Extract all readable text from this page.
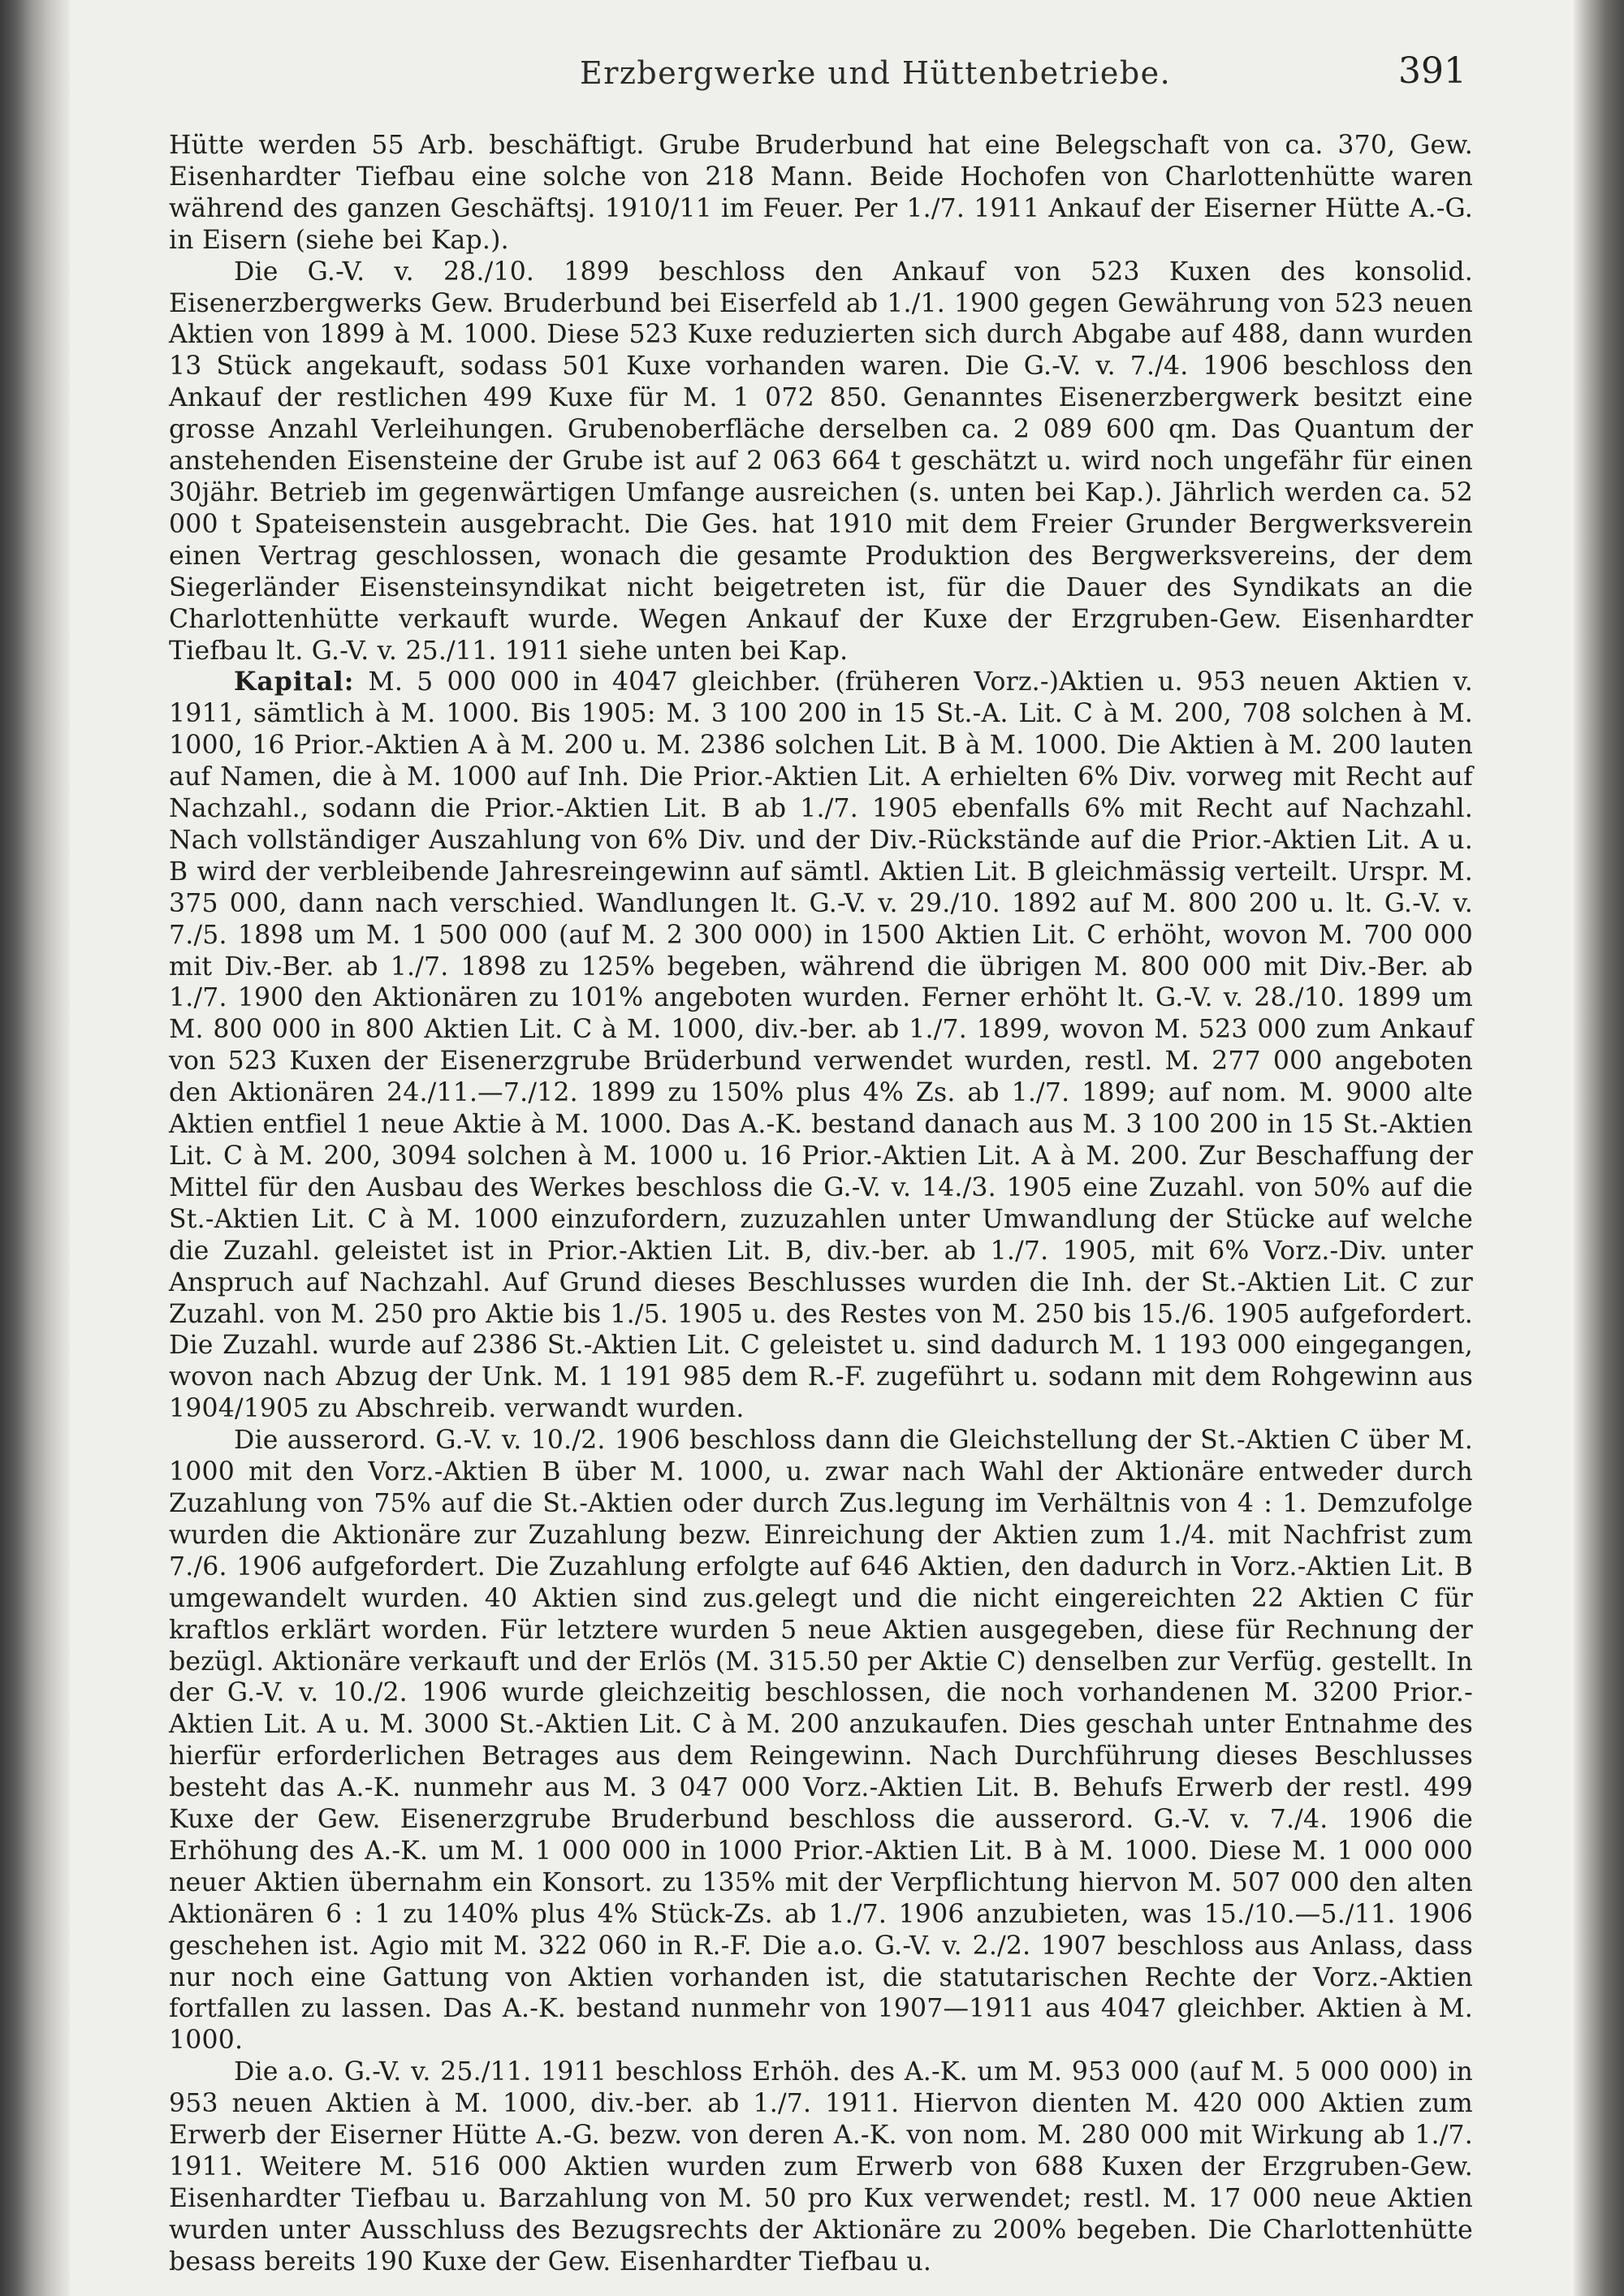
Erzbergwerke und Hüttenbetriebe.	391

Hütte werden 55 Arb. beschäftigt. Grube Bruderbund hat eine Belegschaft von ca. 370, Gew. Eisenhardter Tiefbau eine solche von 218 Mann. Beide Hochofen von Charlottenhütte waren während des ganzen Geschäftsj. 1910/11 im Feuer. Per 1./7. 1911 Ankauf der Eiserner Hütte A.-G. in Eisern (siehe bei Kap.).

Die G.-V. v. 28./10. 1899 beschloss den Ankauf von 523 Kuxen des konsolid. Eisenerzbergwerks Gew. Bruderbund bei Eiserfeld ab 1./1. 1900 gegen Gewährung von 523 neuen Aktien von 1899 à M. 1000. Diese 523 Kuxe reduzierten sich durch Abgabe auf 488, dann wurden 13 Stück angekauft, sodass 501 Kuxe vorhanden waren. Die G.-V. v. 7./4. 1906 beschloss den Ankauf der restlichen 499 Kuxe für M. 1 072 850. Genanntes Eisenerzbergwerk besitzt eine grosse Anzahl Verleihungen. Grubenoberfläche derselben ca. 2 089 600 qm. Das Quantum der anstehenden Eisensteine der Grube ist auf 2 063 664 t geschätzt u. wird noch ungefähr für einen 30jähr. Betrieb im gegenwärtigen Umfange ausreichen (s. unten bei Kap.). Jährlich werden ca. 52 000 t Spateisenstein ausgebracht. Die Ges. hat 1910 mit dem Freier Grunder Bergwerksverein einen Vertrag geschlossen, wonach die gesamte Produktion des Bergwerksvereins, der dem Siegerländer Eisensteinsyndikat nicht beigetreten ist, für die Dauer des Syndikats an die Charlottenhütte verkauft wurde. Wegen Ankauf der Kuxe der Erzgruben-Gew. Eisenhardter Tiefbau lt. G.-V. v. 25./11. 1911 siehe unten bei Kap.

Kapital: M. 5 000 000 in 4047 gleichber. (früheren Vorz.-)Aktien u. 953 neuen Aktien v. 1911, sämtlich à M. 1000. Bis 1905: M. 3 100 200 in 15 St.-A. Lit. C à M. 200, 708 solchen à M. 1000, 16 Prior.-Aktien A à M. 200 u. M. 2386 solchen Lit. B à M. 1000. Die Aktien à M. 200 lauten auf Namen, die à M. 1000 auf Inh. Die Prior.-Aktien Lit. A erhielten 6% Div. vorweg mit Recht auf Nachzahl., sodann die Prior.-Aktien Lit. B ab 1./7. 1905 ebenfalls 6% mit Recht auf Nachzahl. Nach vollständiger Auszahlung von 6% Div. und der Div.-Rückstände auf die Prior.-Aktien Lit. A u. B wird der verbleibende Jahresreingewinn auf sämtl. Aktien Lit. B gleichmässig verteilt. Urspr. M. 375 000, dann nach verschied. Wandlungen lt. G.-V. v. 29./10. 1892 auf M. 800 200 u. lt. G.-V. v. 7./5. 1898 um M. 1 500 000 (auf M. 2 300 000) in 1500 Aktien Lit. C erhöht, wovon M. 700 000 mit Div.-Ber. ab 1./7. 1898 zu 125% begeben, während die übrigen M. 800 000 mit Div.-Ber. ab 1./7. 1900 den Aktionären zu 101% angeboten wurden. Ferner erhöht lt. G.-V. v. 28./10. 1899 um M. 800 000 in 800 Aktien Lit. C à M. 1000, div.-ber. ab 1./7. 1899, wovon M. 523 000 zum Ankauf von 523 Kuxen der Eisenerzgrube Brüderbund verwendet wurden, restl. M. 277 000 angeboten den Aktionären 24./11.—7./12. 1899 zu 150% plus 4% Zs. ab 1./7. 1899; auf nom. M. 9000 alte Aktien entfiel 1 neue Aktie à M. 1000. Das A.-K. bestand danach aus M. 3 100 200 in 15 St.-Aktien Lit. C à M. 200, 3094 solchen à M. 1000 u. 16 Prior.-Aktien Lit. A à M. 200. Zur Beschaffung der Mittel für den Ausbau des Werkes beschloss die G.-V. v. 14./3. 1905 eine Zuzahl. von 50% auf die St.-Aktien Lit. C à M. 1000 einzufordern, zuzuzahlen unter Umwandlung der Stücke auf welche die Zuzahl. geleistet ist in Prior.-Aktien Lit. B, div.-ber. ab 1./7. 1905, mit 6% Vorz.-Div. unter Anspruch auf Nachzahl. Auf Grund dieses Beschlusses wurden die Inh. der St.-Aktien Lit. C zur Zuzahl. von M. 250 pro Aktie bis 1./5. 1905 u. des Restes von M. 250 bis 15./6. 1905 aufgefordert. Die Zuzahl. wurde auf 2386 St.-Aktien Lit. C geleistet u. sind dadurch M. 1 193 000 eingegangen, wovon nach Abzug der Unk. M. 1 191 985 dem R.-F. zugeführt u. sodann mit dem Rohgewinn aus 1904/1905 zu Abschreib. verwandt wurden.

Die ausserord. G.-V. v. 10./2. 1906 beschloss dann die Gleichstellung der St.-Aktien C über M. 1000 mit den Vorz.-Aktien B über M. 1000, u. zwar nach Wahl der Aktionäre entweder durch Zuzahlung von 75% auf die St.-Aktien oder durch Zus.legung im Verhältnis von 4 : 1. Demzufolge wurden die Aktionäre zur Zuzahlung bezw. Einreichung der Aktien zum 1./4. mit Nachfrist zum 7./6. 1906 aufgefordert. Die Zuzahlung erfolgte auf 646 Aktien, den dadurch in Vorz.-Aktien Lit. B umgewandelt wurden. 40 Aktien sind zus.gelegt und die nicht eingereichten 22 Aktien C für kraftlos erklärt worden. Für letztere wurden 5 neue Aktien ausgegeben, diese für Rechnung der bezügl. Aktionäre verkauft und der Erlös (M. 315.50 per Aktie C) denselben zur Verfüg. gestellt. In der G.-V. v. 10./2. 1906 wurde gleichzeitig beschlossen, die noch vorhandenen M. 3200 Prior.-Aktien Lit. A u. M. 3000 St.-Aktien Lit. C à M. 200 anzukaufen. Dies geschah unter Entnahme des hierfür erforderlichen Betrages aus dem Reingewinn. Nach Durchführung dieses Beschlusses besteht das A.-K. nunmehr aus M. 3 047 000 Vorz.-Aktien Lit. B. Behufs Erwerb der restl. 499 Kuxe der Gew. Eisenerzgrube Bruderbund beschloss die ausserord. G.-V. v. 7./4. 1906 die Erhöhung des A.-K. um M. 1 000 000 in 1000 Prior.-Aktien Lit. B à M. 1000. Diese M. 1 000 000 neuer Aktien übernahm ein Konsort. zu 135% mit der Verpflichtung hiervon M. 507 000 den alten Aktionären 6 : 1 zu 140% plus 4% Stück-Zs. ab 1./7. 1906 anzubieten, was 15./10.—5./11. 1906 geschehen ist. Agio mit M. 322 060 in R.-F. Die a.o. G.-V. v. 2./2. 1907 beschloss aus Anlass, dass nur noch eine Gattung von Aktien vorhanden ist, die statutarischen Rechte der Vorz.-Aktien fortfallen zu lassen. Das A.-K. bestand nunmehr von 1907—1911 aus 4047 gleichber. Aktien à M. 1000.

Die a.o. G.-V. v. 25./11. 1911 beschloss Erhöh. des A.-K. um M. 953 000 (auf M. 5 000 000) in 953 neuen Aktien à M. 1000, div.-ber. ab 1./7. 1911. Hiervon dienten M. 420 000 Aktien zum Erwerb der Eiserner Hütte A.-G. bezw. von deren A.-K. von nom. M. 280 000 mit Wirkung ab 1./7. 1911. Weitere M. 516 000 Aktien wurden zum Erwerb von 688 Kuxen der Erzgruben-Gew. Eisenhardter Tiefbau u. Barzahlung von M. 50 pro Kux verwendet; restl. M. 17 000 neue Aktien wurden unter Ausschluss des Bezugsrechts der Aktionäre zu 200% begeben. Die Charlottenhütte besass bereits 190 Kuxe der Gew. Eisenhardter Tiefbau u.
